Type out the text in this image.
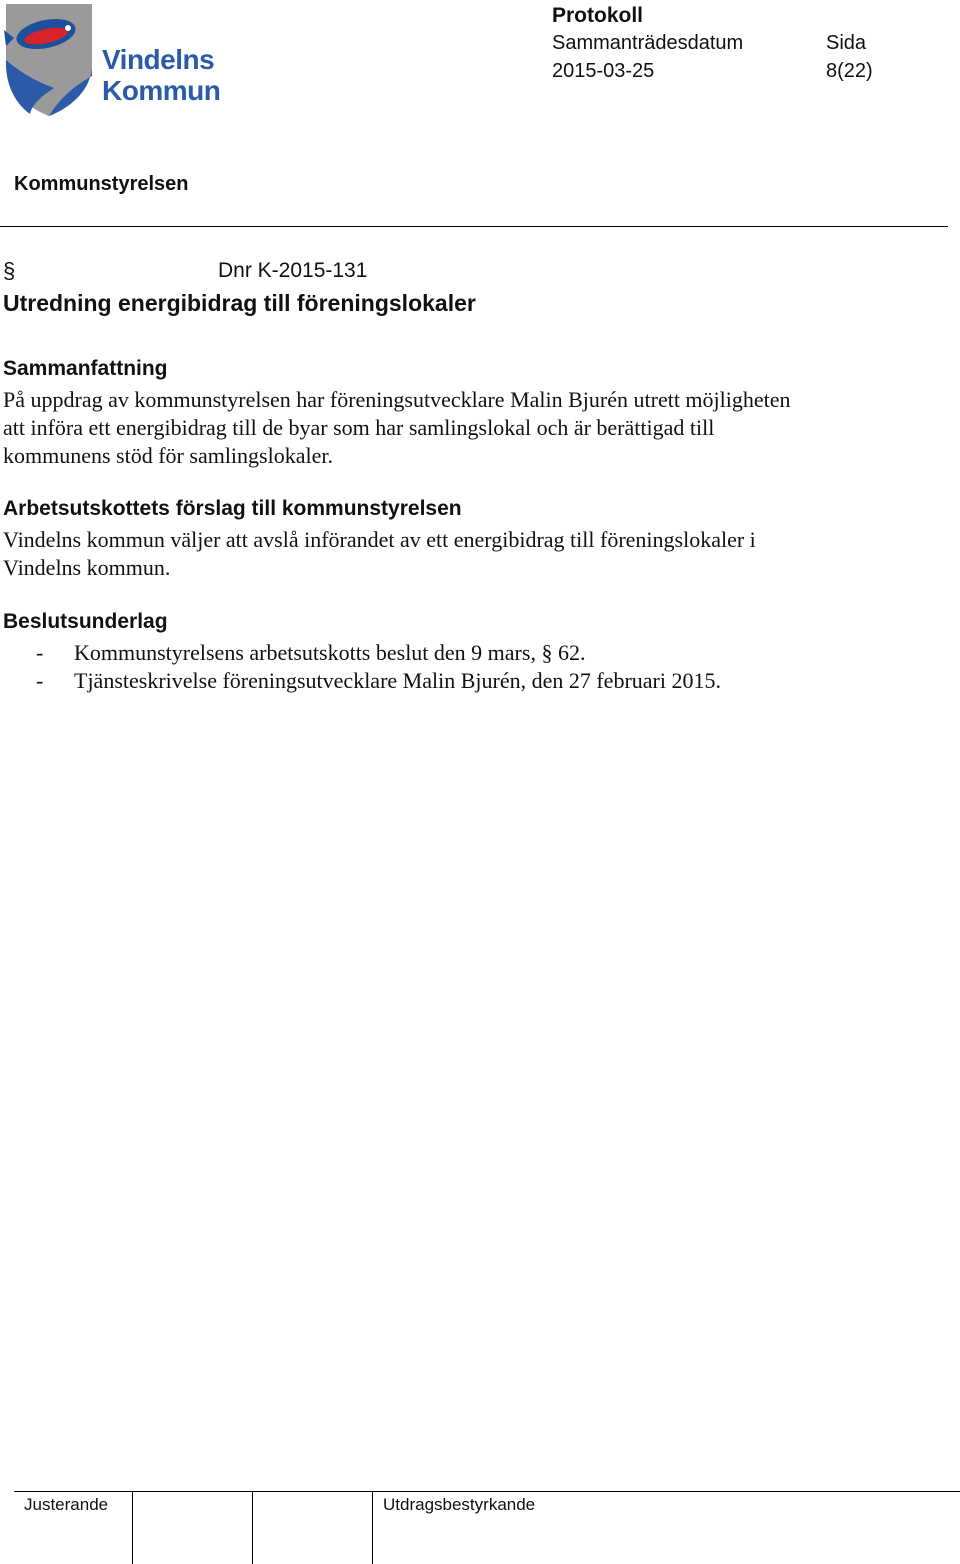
Vindelns
Kommun
Protokoll
Sammanträdesdatum
2015-03-25
Sida
8(22)
Kommunstyrelsen
§	Dnr K-2015-131
Utredning energibidrag till föreningslokaler
Sammanfattning
På uppdrag av kommunstyrelsen har föreningsutvecklare Malin Bjurén utrett möjligheten att införa ett energibidrag till de byar som har samlingslokal och är berättigad till kommunens stöd för samlingslokaler.
Arbetsutskottets förslag till kommunstyrelsen
Vindelns kommun väljer att avslå införandet av ett energibidrag till föreningslokaler i Vindelns kommun.
Beslutsunderlag
- Kommunstyrelsens arbetsutskotts beslut den 9 mars, § 62.
- Tjänsteskrivelse föreningsutvecklare Malin Bjurén, den 27 februari 2015.
Justerande	Utdragsbestyrkande
